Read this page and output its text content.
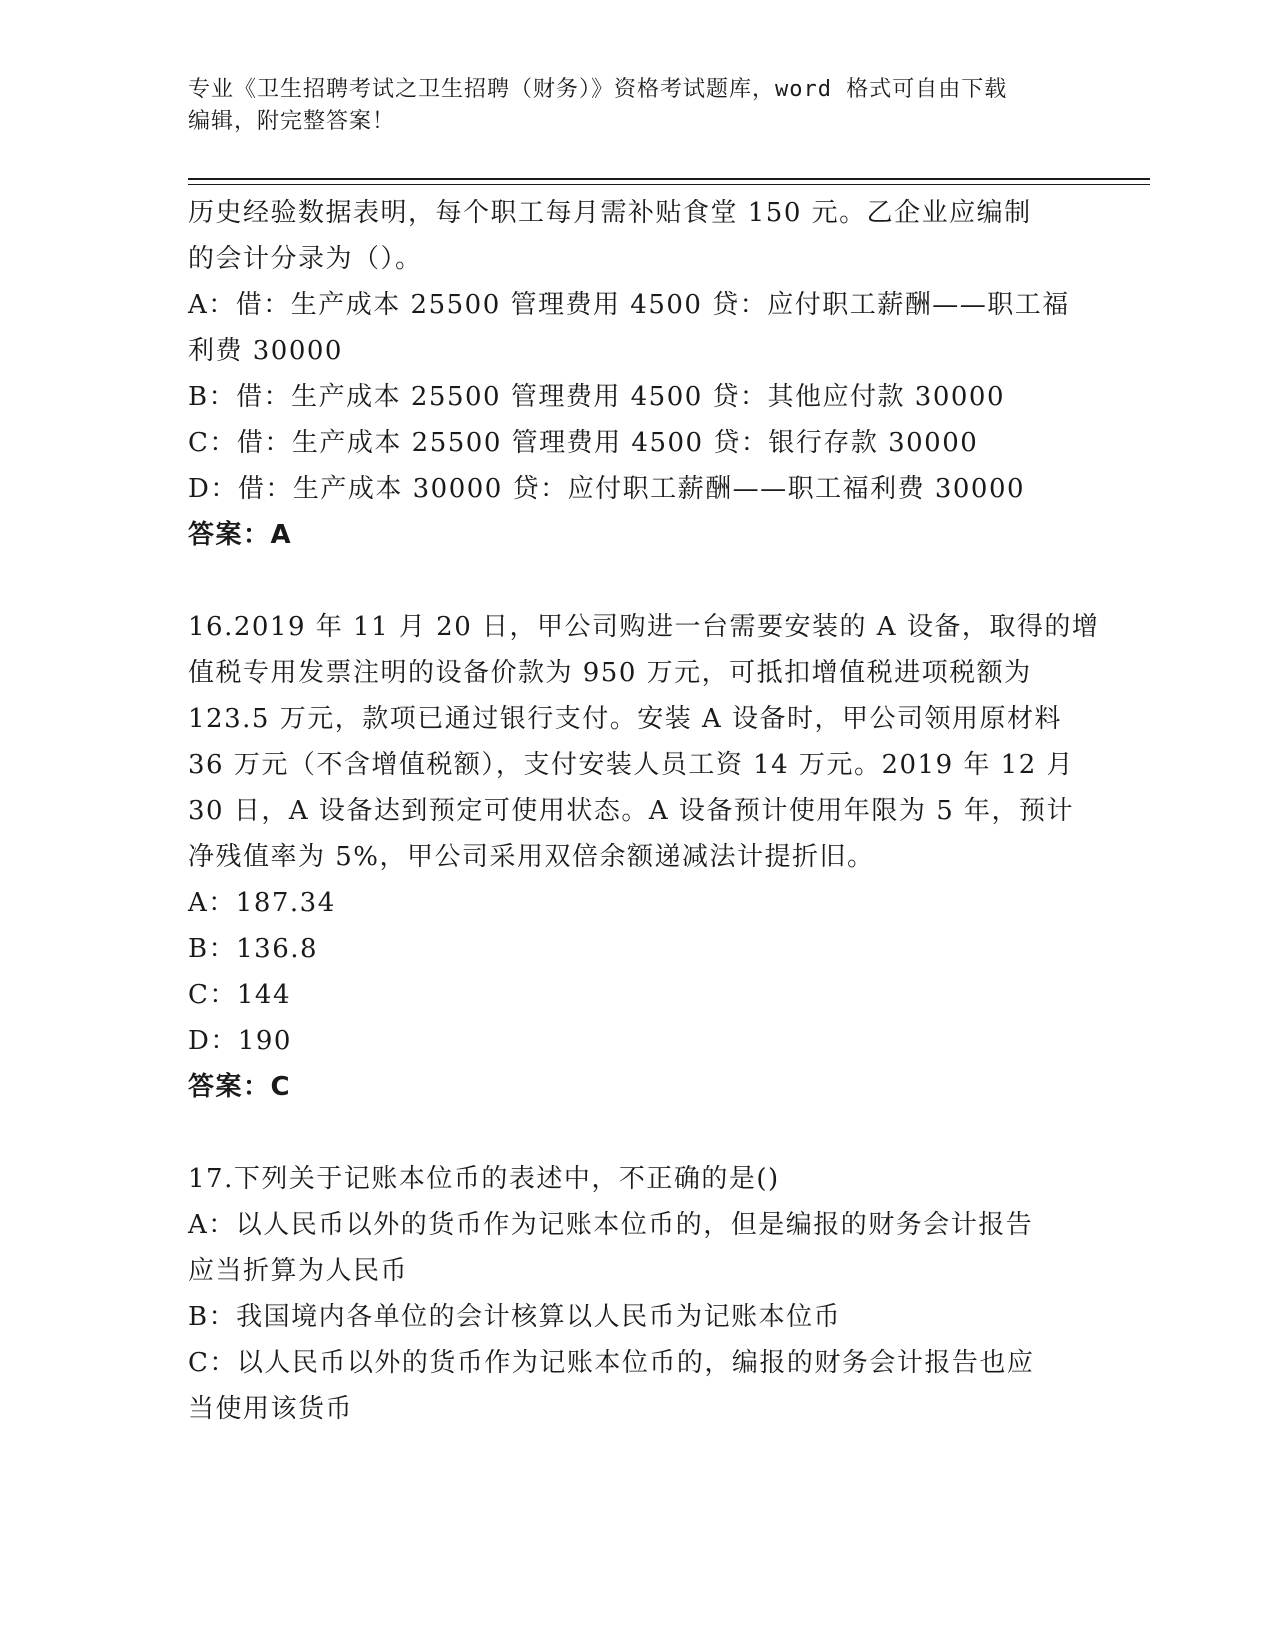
专业《卫生招聘考试之卫生招聘（财务）》资格考试题库，word 格式可自由下载
编辑，附完整答案！
历史经验数据表明，每个职工每月需补贴食堂 150 元。乙企业应编制
的会计分录为（）。
A：借：生产成本 25500 管理费用 4500 贷：应付职工薪酬——职工福
利费 30000
B：借：生产成本 25500 管理费用 4500 贷：其他应付款 30000
C：借：生产成本 25500 管理费用 4500 贷：银行存款 30000
D：借：生产成本 30000 贷：应付职工薪酬——职工福利费 30000
答案：A
16.2019 年 11 月 20 日，甲公司购进一台需要安装的 A 设备，取得的增
值税专用发票注明的设备价款为 950 万元，可抵扣增值税进项税额为
123.5 万元，款项已通过银行支付。安装 A 设备时，甲公司领用原材料
36 万元（不含增值税额），支付安装人员工资 14 万元。2019 年 12 月
30 日，A 设备达到预定可使用状态。A 设备预计使用年限为 5 年，预计
净残值率为 5%，甲公司采用双倍余额递减法计提折旧。
A：187.34
B：136.8
C：144
D：190
答案：C
17.下列关于记账本位币的表述中，不正确的是()
A：以人民币以外的货币作为记账本位币的，但是编报的财务会计报告
应当折算为人民币
B：我国境内各单位的会计核算以人民币为记账本位币
C：以人民币以外的货币作为记账本位币的，编报的财务会计报告也应
当使用该货币
